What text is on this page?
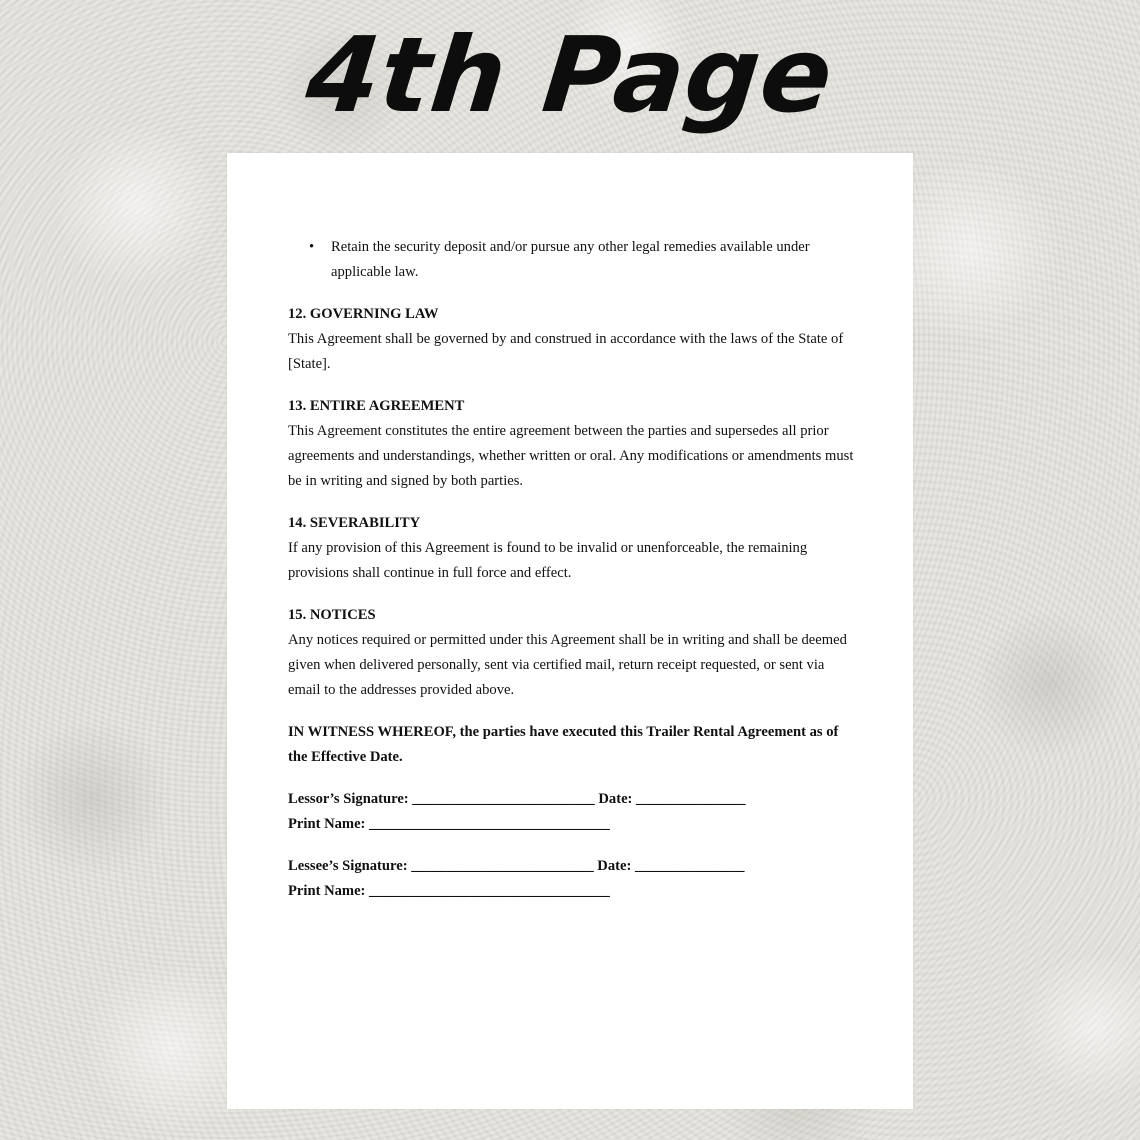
4th Page
• Retain the security deposit and/or pursue any other legal remedies available under applicable law.
12. GOVERNING LAW
This Agreement shall be governed by and construed in accordance with the laws of the State of [State].
13. ENTIRE AGREEMENT
This Agreement constitutes the entire agreement between the parties and supersedes all prior agreements and understandings, whether written or oral. Any modifications or amendments must be in writing and signed by both parties.
14. SEVERABILITY
If any provision of this Agreement is found to be invalid or unenforceable, the remaining provisions shall continue in full force and effect.
15. NOTICES
Any notices required or permitted under this Agreement shall be in writing and shall be deemed given when delivered personally, sent via certified mail, return receipt requested, or sent via email to the addresses provided above.
IN WITNESS WHEREOF, the parties have executed this Trailer Rental Agreement as of the Effective Date.
Lessor’s Signature: _________________________ Date: _______________
Print Name: _________________________________
Lessee’s Signature: _________________________ Date: _______________
Print Name: _________________________________
